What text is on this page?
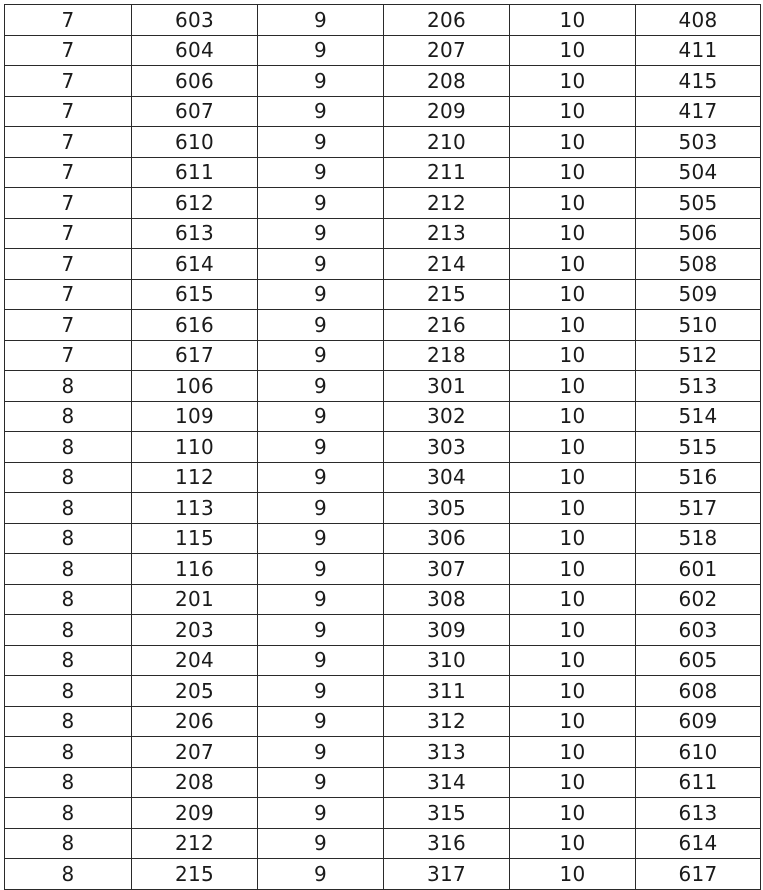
7	603	9	206	10	408
7	604	9	207	10	411
7	606	9	208	10	415
7	607	9	209	10	417
7	610	9	210	10	503
7	611	9	211	10	504
7	612	9	212	10	505
7	613	9	213	10	506
7	614	9	214	10	508
7	615	9	215	10	509
7	616	9	216	10	510
7	617	9	218	10	512
8	106	9	301	10	513
8	109	9	302	10	514
8	110	9	303	10	515
8	112	9	304	10	516
8	113	9	305	10	517
8	115	9	306	10	518
8	116	9	307	10	601
8	201	9	308	10	602
8	203	9	309	10	603
8	204	9	310	10	605
8	205	9	311	10	608
8	206	9	312	10	609
8	207	9	313	10	610
8	208	9	314	10	611
8	209	9	315	10	613
8	212	9	316	10	614
8	215	9	317	10	617
